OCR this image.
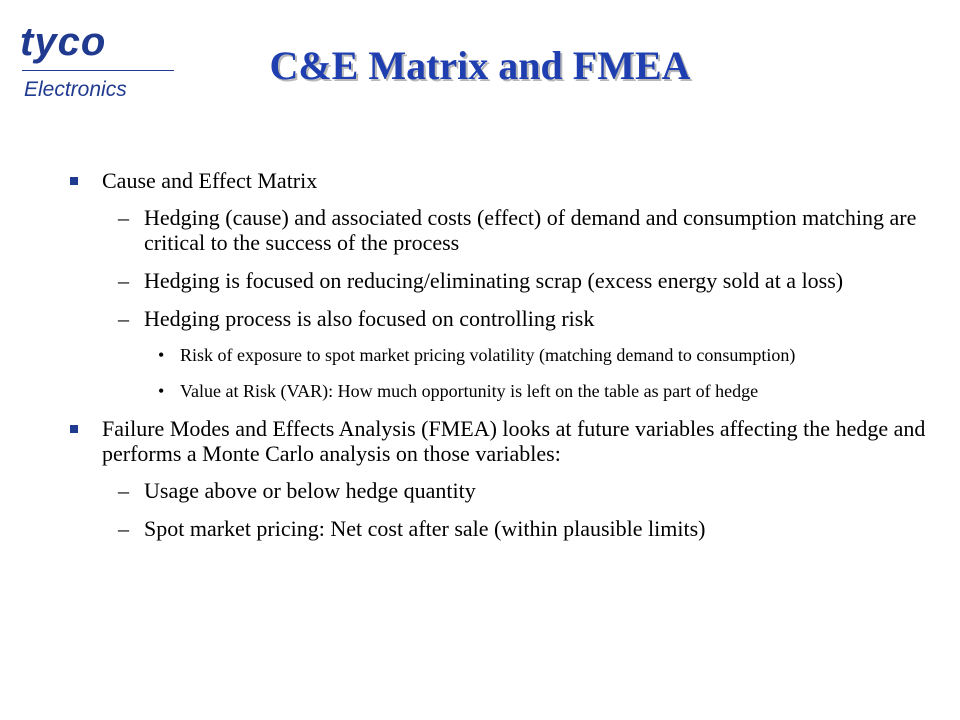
tyco
Electronics
C&E Matrix and FMEA
Cause and Effect Matrix
– Hedging (cause) and associated costs (effect) of demand and consumption matching are critical to the success of the process
– Hedging is focused on reducing/eliminating scrap (excess energy sold at a loss)
– Hedging process is also focused on controlling risk
• Risk of exposure to spot market pricing volatility (matching demand to consumption)
• Value at Risk (VAR): How much opportunity is left on the table as part of hedge
Failure Modes and Effects Analysis (FMEA) looks at future variables affecting the hedge and performs a Monte Carlo analysis on those variables:
– Usage above or below hedge quantity
– Spot market pricing: Net cost after sale (within plausible limits)
